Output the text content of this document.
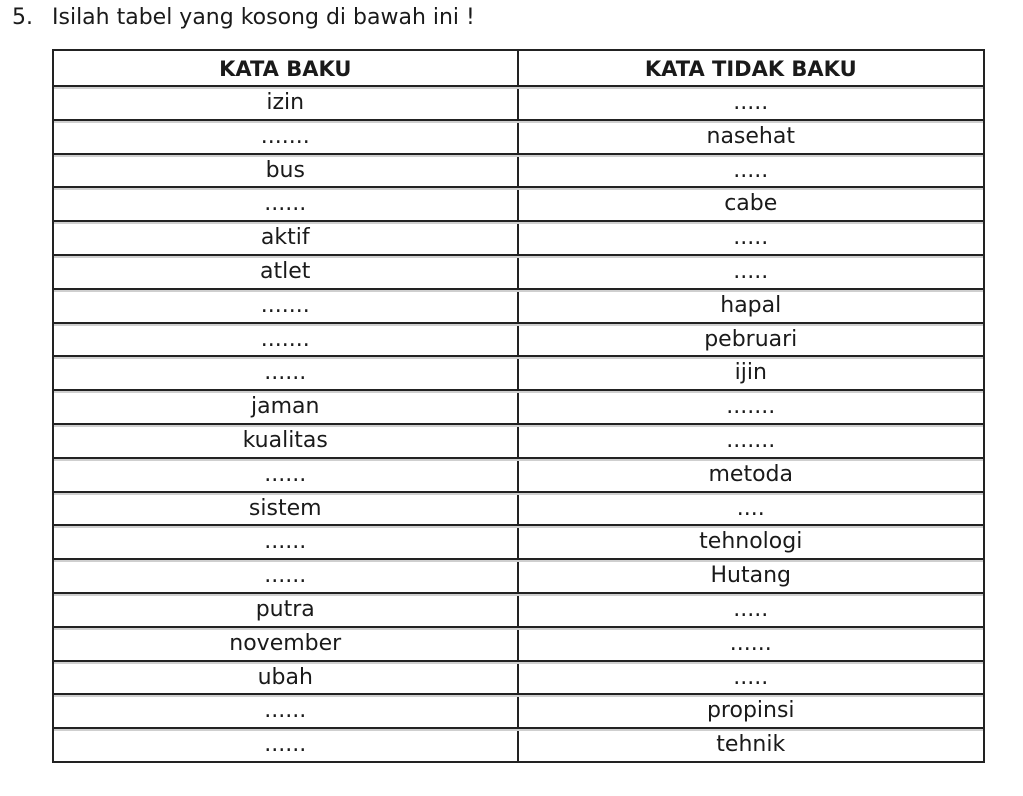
5. Isilah tabel yang kosong di bawah ini !
KATA BAKU	KATA TIDAK BAKU
izin	.....
.......	nasehat
bus	.....
......	cabe
aktif	.....
atlet	.....
.......	hapal
.......	pebruari
......	ijin
jaman	.......
kualitas	.......
......	metoda
sistem	....
......	tehnologi
......	Hutang
putra	.....
november	......
ubah	.....
......	propinsi
......	tehnik
